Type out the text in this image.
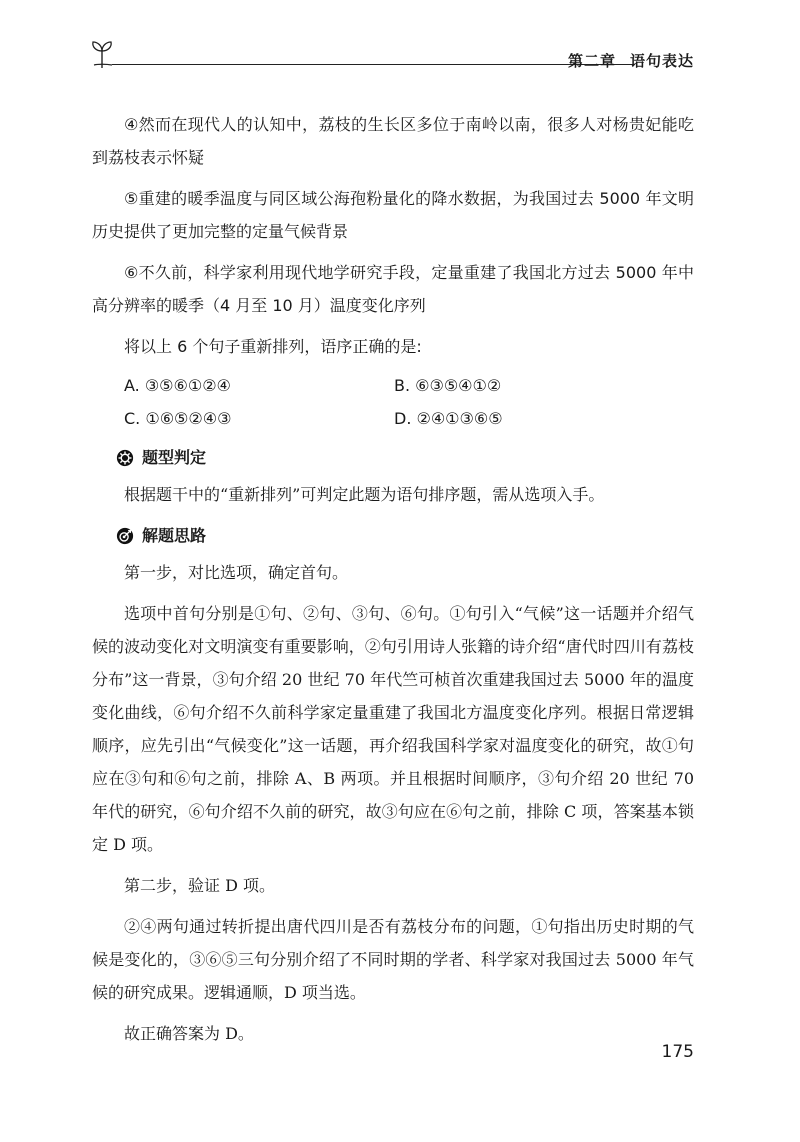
第二章 语句表达

④然而在现代人的认知中，荔枝的生长区多位于南岭以南，很多人对杨贵妃能吃到荔枝表示怀疑

⑤重建的暖季温度与同区域公海孢粉量化的降水数据，为我国过去 5000 年文明历史提供了更加完整的定量气候背景

⑥不久前，科学家利用现代地学研究手段，定量重建了我国北方过去 5000 年中高分辨率的暖季（4 月至 10 月）温度变化序列

将以上 6 个句子重新排列，语序正确的是:

A. ③⑤⑥①②④	B. ⑥③⑤④①②
C. ①⑥⑤②④③	D. ②④①③⑥⑤
题型判定

根据题干中的“重新排列”可判定此题为语句排序题，需从选项入手。

解题思路

第一步，对比选项，确定首句。

选项中首句分别是①句、②句、③句、⑥句。①句引入“气候”这一话题并介绍气候的波动变化对文明演变有重要影响，②句引用诗人张籍的诗介绍“唐代时四川有荔枝分布”这一背景，③句介绍 20 世纪 70 年代竺可桢首次重建我国过去 5000 年的温度变化曲线，⑥句介绍不久前科学家定量重建了我国北方温度变化序列。根据日常逻辑顺序，应先引出“气候变化”这一话题，再介绍我国科学家对温度变化的研究，故①句应在③句和⑥句之前，排除 A、B 两项。并且根据时间顺序，③句介绍 20 世纪 70 年代的研究，⑥句介绍不久前的研究，故③句应在⑥句之前，排除 C 项，答案基本锁定 D 项。

第二步，验证 D 项。

②④两句通过转折提出唐代四川是否有荔枝分布的问题，①句指出历史时期的气候是变化的，③⑥⑤三句分别介绍了不同时期的学者、科学家对我国过去 5000 年气候的研究成果。逻辑通顺，D 项当选。

故正确答案为 D。

175
